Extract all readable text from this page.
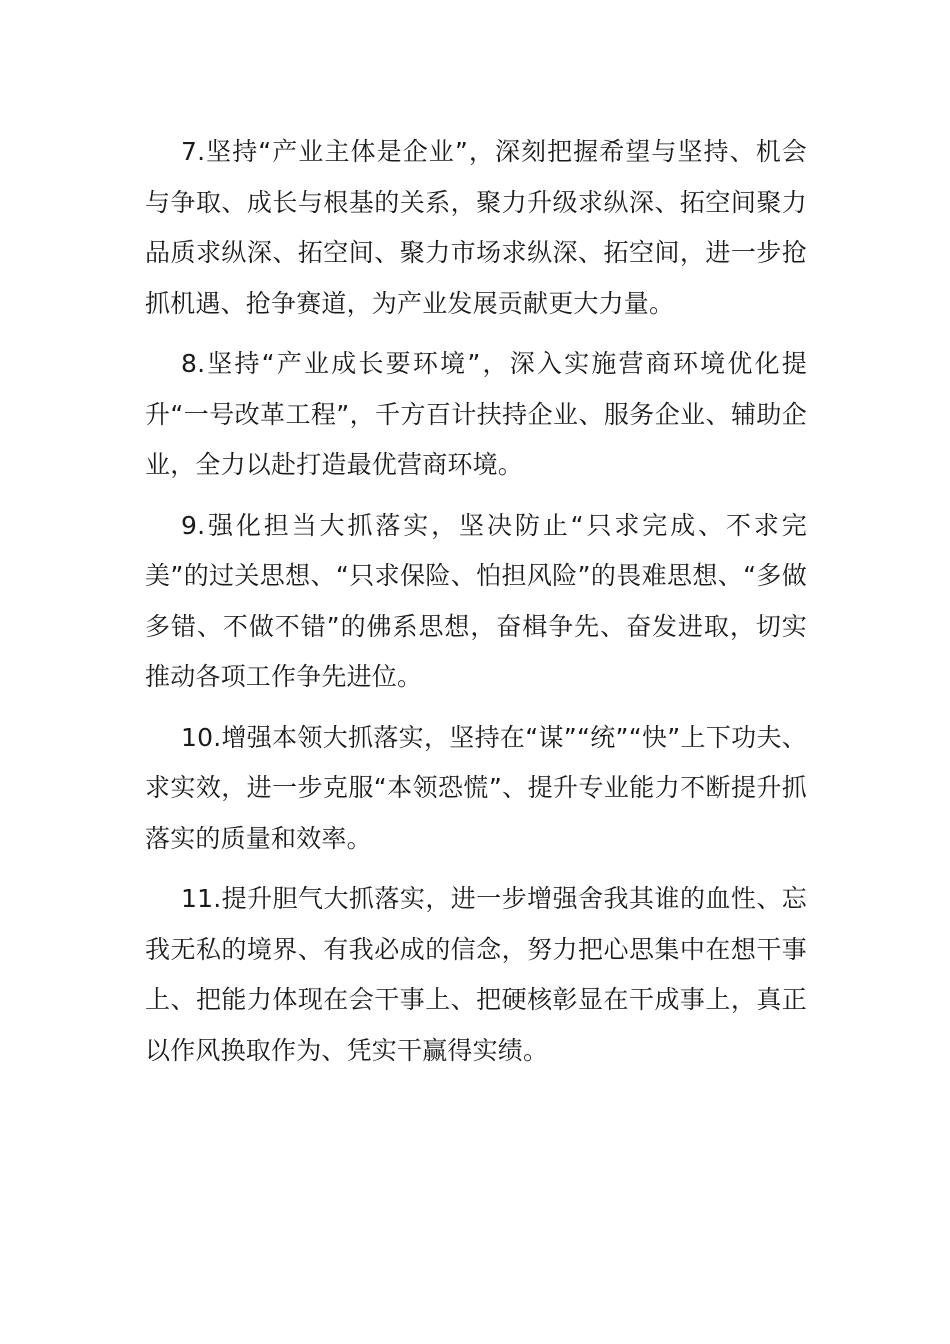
7.坚持“产业主体是企业”，深刻把握希望与坚持、机会与争取、成长与根基的关系，聚力升级求纵深、拓空间聚力品质求纵深、拓空间、聚力市场求纵深、拓空间，进一步抢抓机遇、抢争赛道，为产业发展贡献更大力量。

8.坚持“产业成长要环境”，深入实施营商环境优化提升“一号改革工程”，千方百计扶持企业、服务企业、辅助企业，全力以赴打造最优营商环境。

9.强化担当大抓落实，坚决防止“只求完成、不求完美”的过关思想、“只求保险、怕担风险”的畏难思想、“多做多错、不做不错”的佛系思想，奋楫争先、奋发进取，切实推动各项工作争先进位。

10.增强本领大抓落实，坚持在“谋”“统”“快”上下功夫、求实效，进一步克服“本领恐慌”、提升专业能力不断提升抓落实的质量和效率。

11.提升胆气大抓落实，进一步增强舍我其谁的血性、忘我无私的境界、有我必成的信念，努力把心思集中在想干事上、把能力体现在会干事上、把硬核彰显在干成事上，真正以作风换取作为、凭实干赢得实绩。
